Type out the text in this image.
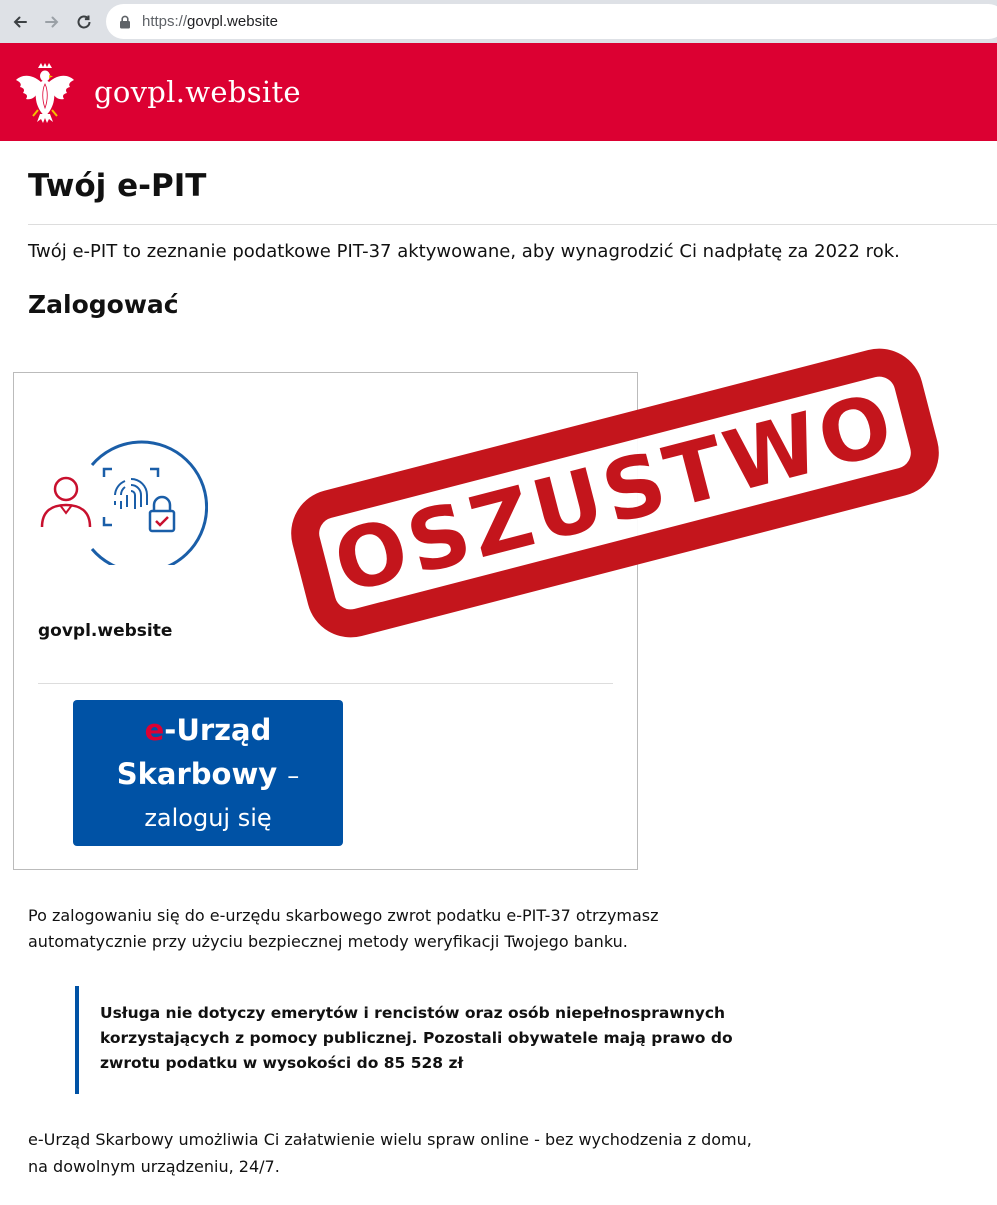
https://govpl.website
govpl.website
Twój e-PIT

Twój e-PIT to zeznanie podatkowe PIT-37 aktywowane, aby wynagrodzić Ci nadpłatę za 2022 rok.

Zalogować
govpl.website
e-Urząd
Skarbowy –
zaloguj się
OSZUSTWO

Po zalogowaniu się do e-urzędu skarbowego zwrot podatku e-PIT-37 otrzymasz automatycznie przy użyciu bezpiecznej metody weryfikacji Twojego banku.

Usługa nie dotyczy emerytów i rencistów oraz osób niepełnosprawnych korzystających z pomocy publicznej. Pozostali obywatele mają prawo do zwrotu podatku w wysokości do 85 528 zł

e-Urząd Skarbowy umożliwia Ci załatwienie wielu spraw online - bez wychodzenia z domu, na dowolnym urządzeniu, 24/7.
